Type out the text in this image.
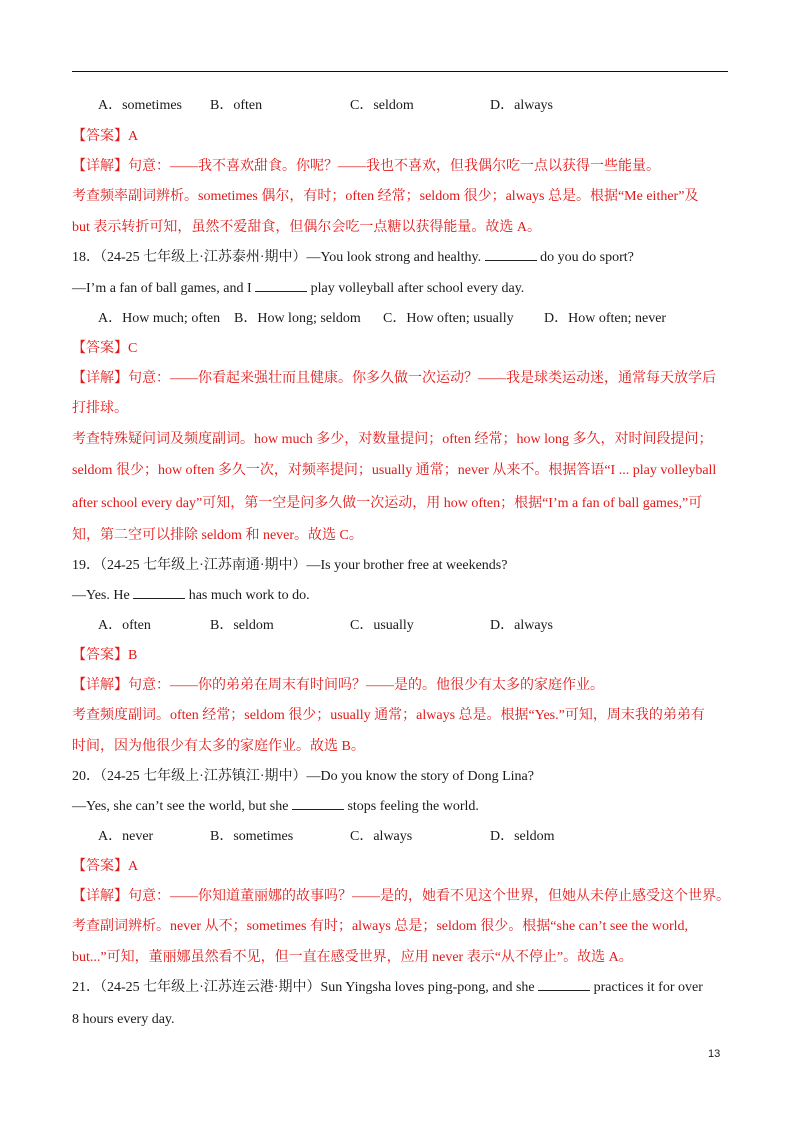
A．sometimes B．often	C．seldom	D．always
【答案】A
【详解】句意：——我不喜欢甜食。你呢？——我也不喜欢，但我偶尔吃一点以获得一些能量。
考查频率副词辨析。sometimes 偶尔，有时；often 经常；seldom 很少；always 总是。根据“Me either”及
but 表示转折可知，虽然不爱甜食，但偶尔会吃一点糖以获得能量。故选 A。
18．（24-25 七年级上·江苏泰州·期中）—You look strong and healthy.	do you do sport?
—I’m a fan of ball games, and I	play volleyball after school every day.
A．How much; often B．How long; seldom C．How often; usually D．How often; never
【答案】C
【详解】句意：——你看起来强壮而且健康。你多久做一次运动？——我是球类运动迷，通常每天放学后
打排球。
考查特殊疑问词及频度副词。how much 多少，对数量提问；often 经常；how long 多久，对时间段提问；
seldom 很少；how often 多久一次，对频率提问；usually 通常；never 从来不。根据答语“I ... play volleyball
after school every day”可知，第一空是问多久做一次运动，用 how often；根据“I’m a fan of ball games,”可
知，第二空可以排除 seldom 和 never。故选 C。
19．（24-25 七年级上·江苏南通·期中）—Is your brother free at weekends?
—Yes. He	has much work to do.
A．often	B．seldom	C．usually	D．always
【答案】B
【详解】句意：——你的弟弟在周末有时间吗？——是的。他很少有太多的家庭作业。
考查频度副词。often 经常；seldom 很少；usually 通常；always 总是。根据“Yes.”可知，周末我的弟弟有
时间，因为他很少有太多的家庭作业。故选 B。
20．（24-25 七年级上·江苏镇江·期中）—Do you know the story of Dong Lina?
—Yes, she can’t see the world, but she	stops feeling the world.
A．never	B．sometimes	C．always	D．seldom
【答案】A
【详解】句意：——你知道董丽娜的故事吗？——是的，她看不见这个世界，但她从未停止感受这个世界。
考查副词辨析。never 从不；sometimes 有时；always 总是；seldom 很少。根据“she can’t see the world,
but...”可知，董丽娜虽然看不见，但一直在感受世界，应用 never 表示“从不停止”。故选 A。
21．（24-25 七年级上·江苏连云港·期中）Sun Yingsha loves ping-pong, and she	practices it for over
8 hours every day.
13
